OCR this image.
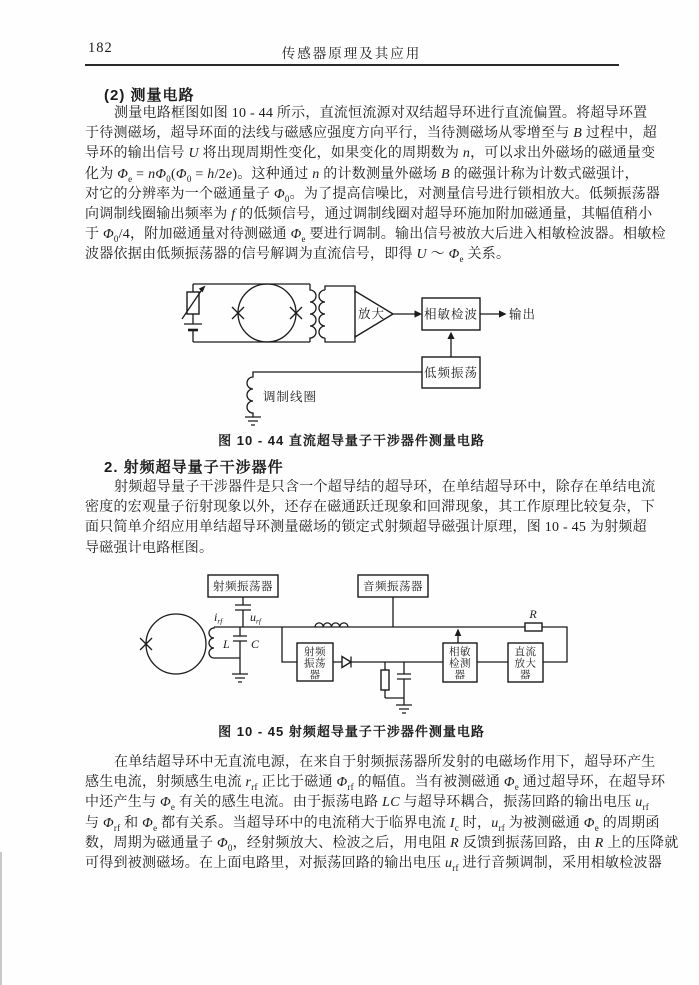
182	传感器原理及其应用
(2) 测量电路
测量电路框图如图 10 - 44 所示，直流恒流源对双结超导环进行直流偏置。将超导环置
于待测磁场，超导环面的法线与磁感应强度方向平行，当待测磁场从零增至与 B 过程中，超
导环的输出信号 U 将出现周期性变化，如果变化的周期数为 n，可以求出外磁场的磁通量变
化为 $\Phi_e = n\Phi_0(\Phi_0 = h/2e)$。这种通过 n 的计数测量外磁场 B 的磁强计称为计数式磁强计，
对它的分辨率为一个磁通量子 $\Phi_0$。为了提高信噪比，对测量信号进行锁相放大。低频振荡器
向调制线圈输出频率为 f 的低频信号，通过调制线圈对超导环施加附加磁通量，其幅值稍小
于 $\Phi_0/4$，附加磁通量对待测磁通 $\Phi_e$ 要进行调制。输出信号被放大后进入相敏检波器。相敏检
波器依据由低频振荡器的信号解调为直流信号，即得 U ～ $\Phi_e$ 关系。
放大	相敏检波 输出
低频振荡
调制线圈
图 10 - 44 直流超导量子干涉器件测量电路
2. 射频超导量子干涉器件
射频超导量子干涉器件是只含一个超导结的超导环，在单结超导环中，除存在单结电流
密度的宏观量子衍射现象以外，还存在磁通跃迁现象和回滞现象，其工作原理比较复杂，下
面只简单介绍应用单结超导环测量磁场的锁定式射频超导磁强计原理，图 10 - 45 为射频超
导磁强计电路框图。
射频振荡器
L C
$i_{rf}$ $u_{rf}$
音频振荡器
射频
振荡
器
相敏
检测
器
直流
放大
器
R
图 10 - 45 射频超导量子干涉器件测量电路
在单结超导环中无直流电源，在来自于射频振荡器所发射的电磁场作用下，超导环产生
感生电流，射频感生电流 $r_{rf}$ 正比于磁通 $\Phi_{rf}$ 的幅值。当有被测磁通 $\Phi_e$ 通过超导环，在超导环
中还产生与 $\Phi_e$ 有关的感生电流。由于振荡电路 LC 与超导环耦合，振荡回路的输出电压 $u_{rf}$
与 $\Phi_{rf}$ 和 $\Phi_e$ 都有关系。当超导环中的电流稍大于临界电流 $I_c$ 时，$u_{rf}$ 为被测磁通 $\Phi_e$ 的周期函
数，周期为磁通量子 $\Phi_0$，经射频放大、检波之后，用电阻 R 反馈到振荡回路，由 R 上的压降就
可得到被测磁场。在上面电路里，对振荡回路的输出电压 $u_{rf}$ 进行音频调制，采用相敏检波器
